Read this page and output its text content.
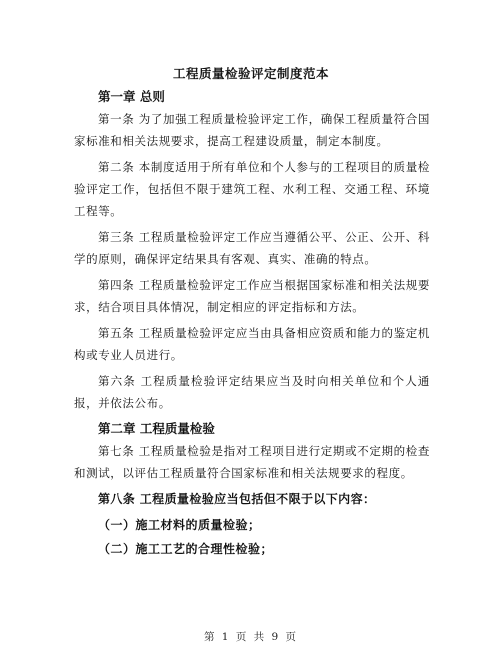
工程质量检验评定制度范本
第一章 总则

第一条 为了加强工程质量检验评定工作，确保工程质量符合国家标准和相关法规要求，提高工程建设质量，制定本制度。

第二条 本制度适用于所有单位和个人参与的工程项目的质量检验评定工作，包括但不限于建筑工程、水利工程、交通工程、环境工程等。

第三条 工程质量检验评定工作应当遵循公平、公正、公开、科学的原则，确保评定结果具有客观、真实、准确的特点。

第四条 工程质量检验评定工作应当根据国家标准和相关法规要求，结合项目具体情况，制定相应的评定指标和方法。

第五条 工程质量检验评定应当由具备相应资质和能力的鉴定机构或专业人员进行。

第六条 工程质量检验评定结果应当及时向相关单位和个人通报，并依法公布。

第二章 工程质量检验

第七条 工程质量检验是指对工程项目进行定期或不定期的检查和测试，以评估工程质量符合国家标准和相关法规要求的程度。

第八条 工程质量检验应当包括但不限于以下内容：

（一）施工材料的质量检验；
（二）施工工艺的合理性检验；
第 1 页 共 9 页
